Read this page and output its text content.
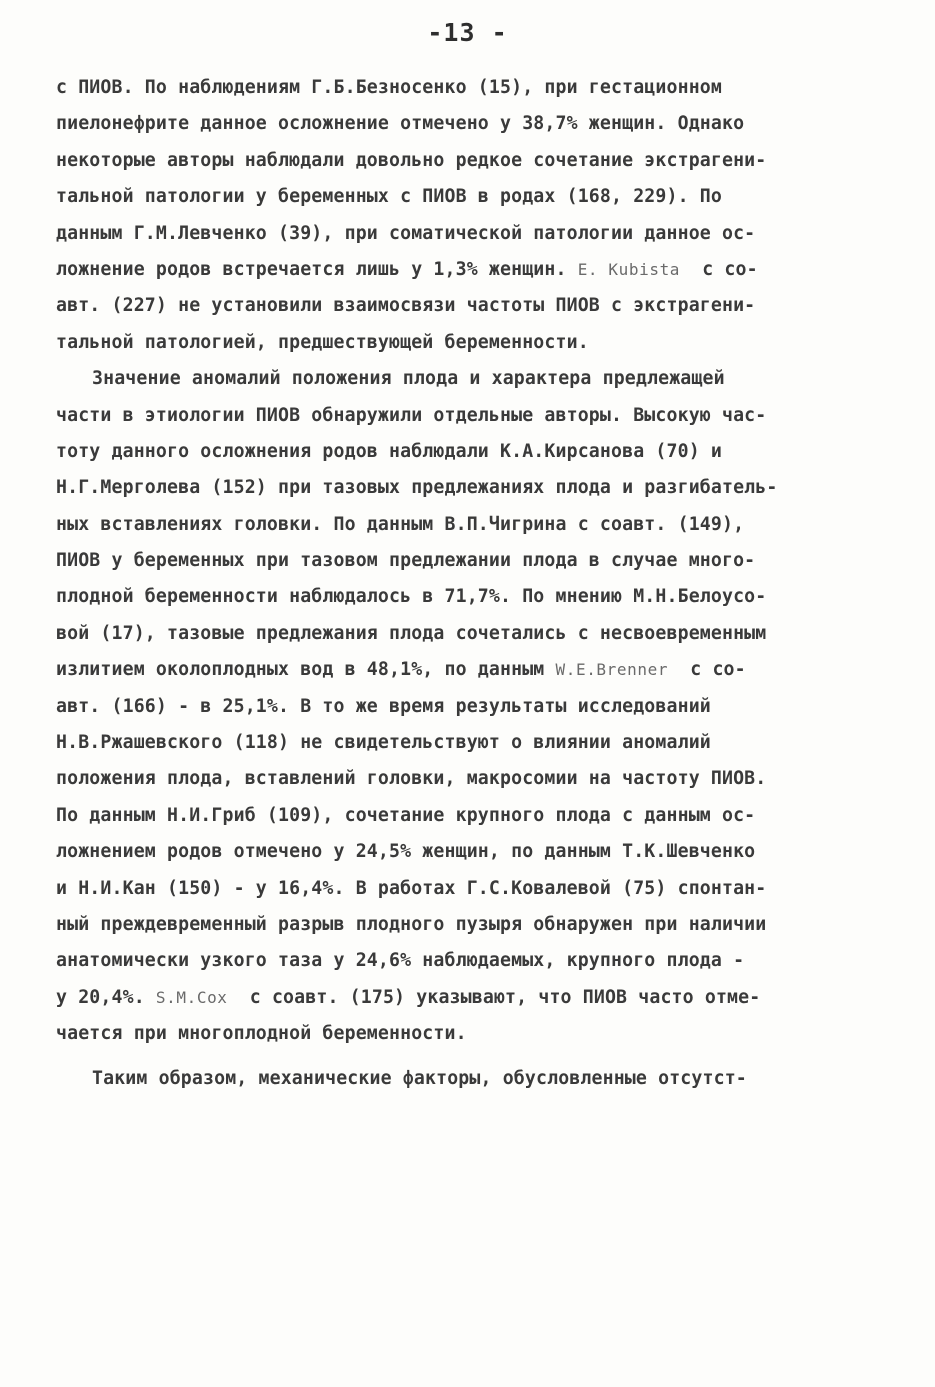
-13 -
с ПИОВ. По наблюдениям Г.Б.Безносенко (15), при гестационном
пиелонефрите данное осложнение отмечено у 38,7% женщин. Однако
некоторые авторы наблюдали довольно редкое сочетание экстрагени-
тальной патологии у беременных с ПИОВ в родах (168, 229). По
данным Г.М.Левченко (39), при соматической патологии данное ос-
ложнение родов встречается лишь у 1,3% женщин. E. Kubista  с со-
авт. (227) не установили взаимосвязи частоты ПИОВ с экстрагени-
тальной патологией, предшествующей беременности.
Значение аномалий положения плода и характера предлежащей
части в этиологии ПИОВ обнаружили отдельные авторы. Высокую час-
тоту данного осложнения родов наблюдали К.А.Кирсанова (70) и
Н.Г.Мерголева (152) при тазовых предлежаниях плода и разгибатель-
ных вставлениях головки. По данным В.П.Чигрина с соавт. (149),
ПИОВ у беременных при тазовом предлежании плода в случае много-
плодной беременности наблюдалось в 71,7%. По мнению М.Н.Белоусо-
вой (17), тазовые предлежания плода сочетались с несвоевременным
излитием околоплодных вод в 48,1%, по данным W.E.Brenner  с со-
авт. (166) - в 25,1%. В то же время результаты исследований
Н.В.Ржашевского (118) не свидетельствуют о влиянии аномалий
положения плода, вставлений головки, макросомии на частоту ПИОВ.
По данным Н.И.Гриб (109), сочетание крупного плода с данным ос-
ложнением родов отмечено у 24,5% женщин, по данным Т.К.Шевченко
и Н.И.Кан (150) - у 16,4%. В работах Г.С.Ковалевой (75) спонтан-
ный преждевременный разрыв плодного пузыря обнаружен при наличии
анатомически узкого таза у 24,6% наблюдаемых, крупного плода -
у 20,4%. S.M.Cox  с соавт. (175) указывают, что ПИОВ часто отме-
чается при многоплодной беременности.
Таким образом, механические факторы, обусловленные отсутст-
